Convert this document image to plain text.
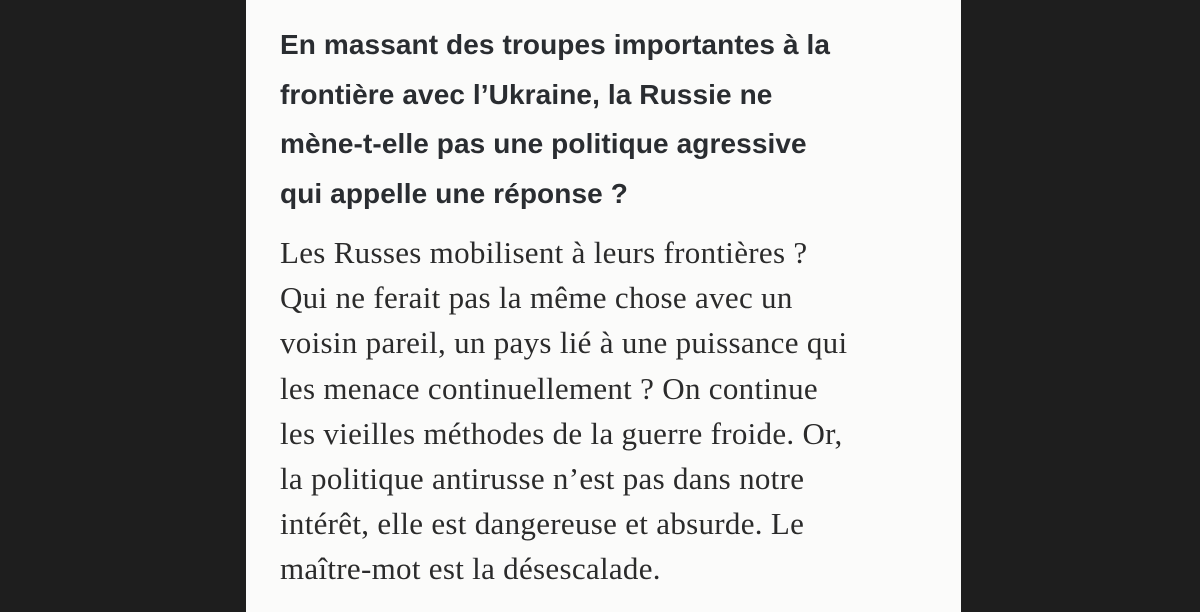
En massant des troupes importantes à la
frontière avec l’Ukraine, la Russie ne
mène-t-elle pas une politique agressive
qui appelle une réponse ?

Les Russes mobilisent à leurs frontières ?
Qui ne ferait pas la même chose avec un
voisin pareil, un pays lié à une puissance qui
les menace continuellement ? On continue
les vieilles méthodes de la guerre froide. Or,
la politique antirusse n’est pas dans notre
intérêt, elle est dangereuse et absurde. Le
maître-mot est la désescalade.
